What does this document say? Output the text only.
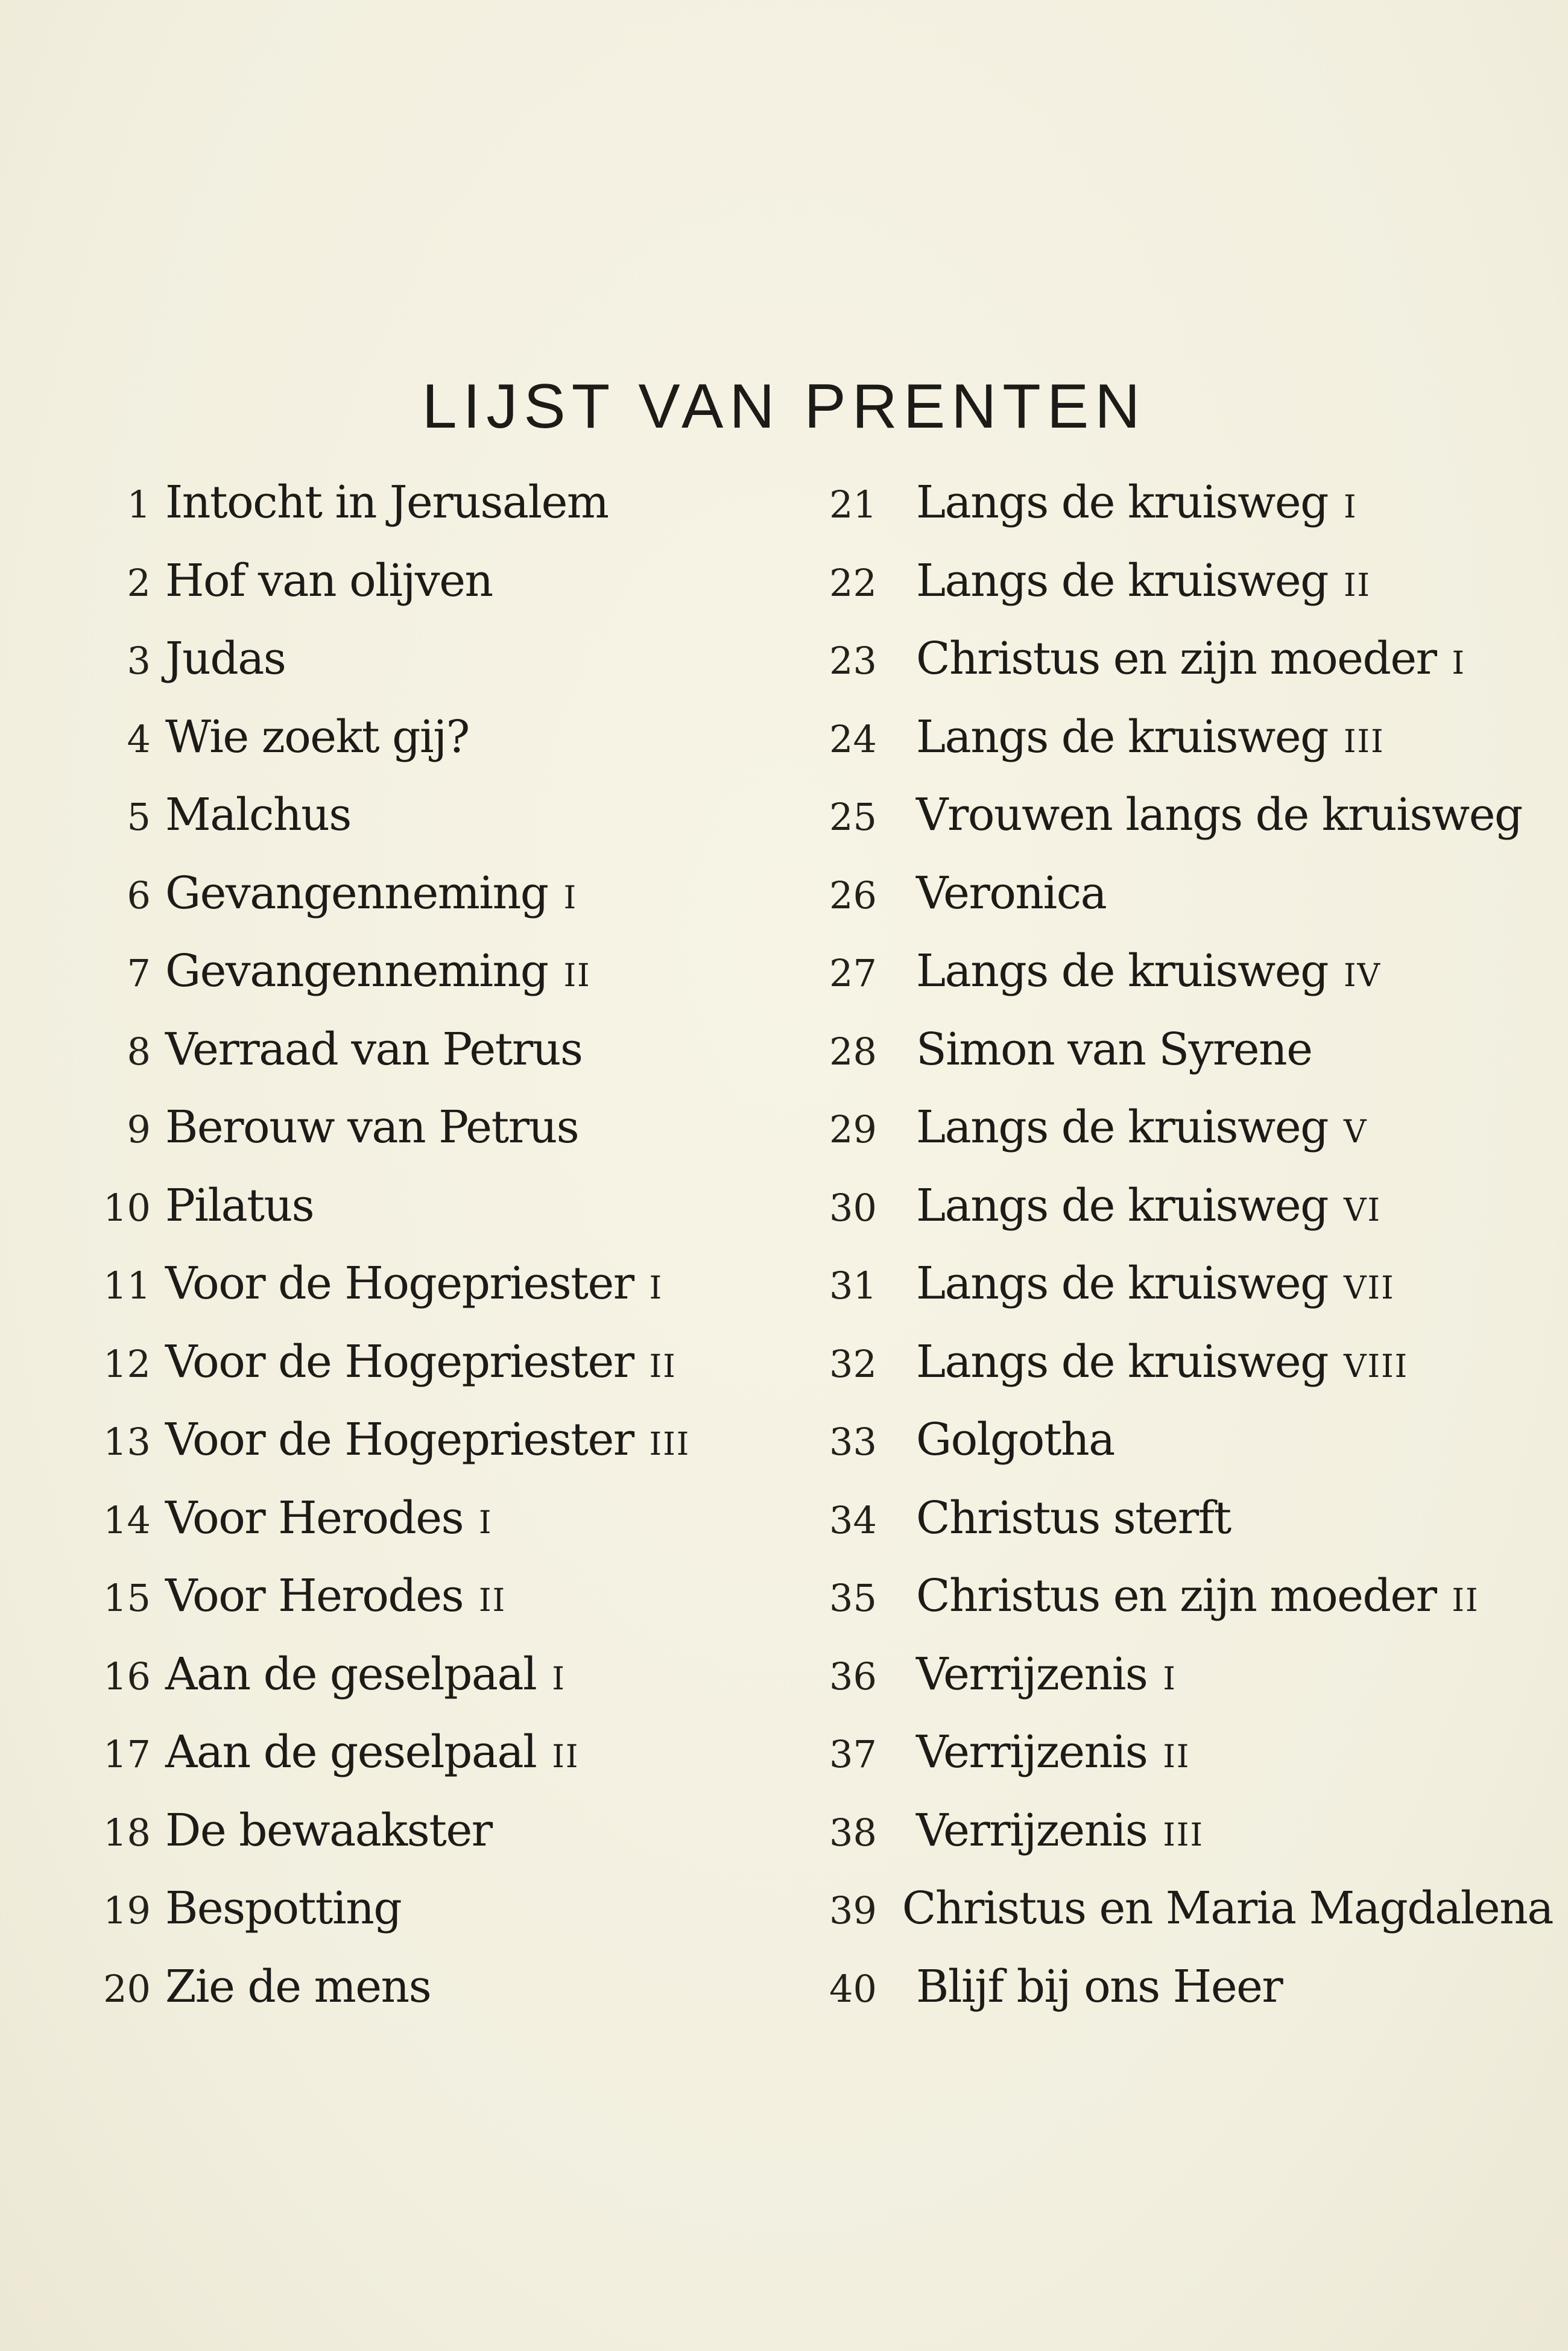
LIJST VAN PRENTEN
1 Intocht in Jerusalem
2 Hof van olijven
3 Judas
4 Wie zoekt gij?
5 Malchus
6 Gevangenneming I
7 Gevangenneming II
8 Verraad van Petrus
9 Berouw van Petrus
10 Pilatus
11 Voor de Hogepriester I
12 Voor de Hogepriester II
13 Voor de Hogepriester III
14 Voor Herodes I
15 Voor Herodes II
16 Aan de geselpaal I
17 Aan de geselpaal II
18 De bewaakster
19 Bespotting
20 Zie de mens
21 Langs de kruisweg I
22 Langs de kruisweg II
23 Christus en zijn moeder I
24 Langs de kruisweg III
25 Vrouwen langs de kruisweg
26 Veronica
27 Langs de kruisweg IV
28 Simon van Syrene
29 Langs de kruisweg V
30 Langs de kruisweg VI
31 Langs de kruisweg VII
32 Langs de kruisweg VIII
33 Golgotha
34 Christus sterft
35 Christus en zijn moeder II
36 Verrijzenis I
37 Verrijzenis II
38 Verrijzenis III
39 Christus en Maria Magdalena
40 Blijf bij ons Heer
